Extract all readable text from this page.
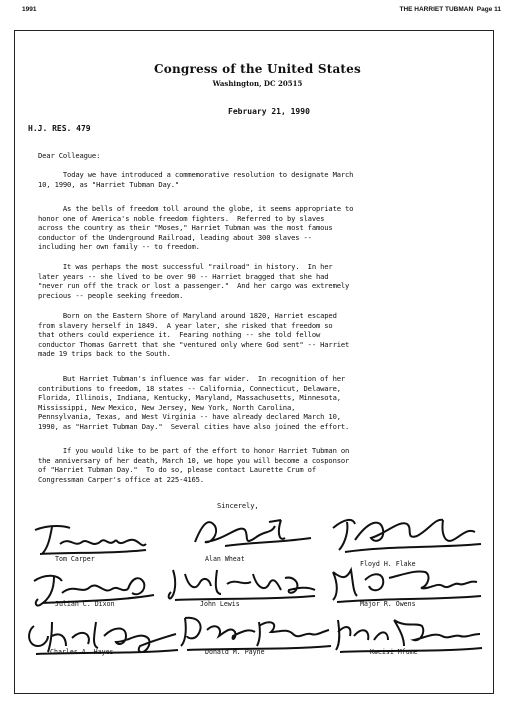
1991	THE HARRIET TUBMAN Page 11
Congress of the United States
Washington, DC 20515
February 21, 1990
H.J. RES. 479
Dear Colleague:
Today we have introduced a commemorative resolution to designate March
10, 1990, as "Harriet Tubman Day."
As the bells of freedom toll around the globe, it seems appropriate to
honor one of America's noble freedom fighters.  Referred to by slaves
across the country as their "Moses," Harriet Tubman was the most famous
conductor of the Underground Railroad, leading about 300 slaves --
including her own family -- to freedom.
It was perhaps the most successful "railroad" in history.  In her
later years -- she lived to be over 90 -- Harriet bragged that she had
"never run off the track or lost a passenger."  And her cargo was extremely
precious -- people seeking freedom.
Born on the Eastern Shore of Maryland around 1820, Harriet escaped
from slavery herself in 1849.  A year later, she risked that freedom so
that others could experience it.  Fearing nothing -- she told fellow
conductor Thomas Garrett that she "ventured only where God sent" -- Harriet
made 19 trips back to the South.
But Harriet Tubman's influence was far wider.  In recognition of her
contributions to freedom, 18 states -- California, Connecticut, Delaware,
Florida, Illinois, Indiana, Kentucky, Maryland, Massachusetts, Minnesota,
Mississippi, New Mexico, New Jersey, New York, North Carolina,
Pennsylvania, Texas, and West Virginia -- have already declared March 10,
1990, as "Harriet Tubman Day."  Several cities have also joined the effort.
If you would like to be part of the effort to honor Harriet Tubman on
the anniversary of her death, March 10, we hope you will become a cosponsor
of "Harriet Tubman Day."  To do so, please contact Laurette Crum of
Congressman Carper's office at 225-4165.
Sincerely,
Tom Carper	Alan Wheat
Floyd H. Flake
Julian C. Dixon	John Lewis	Major R. Owens
Charles A. Hayes	Donald M. Payne	Kweisi Mfume
